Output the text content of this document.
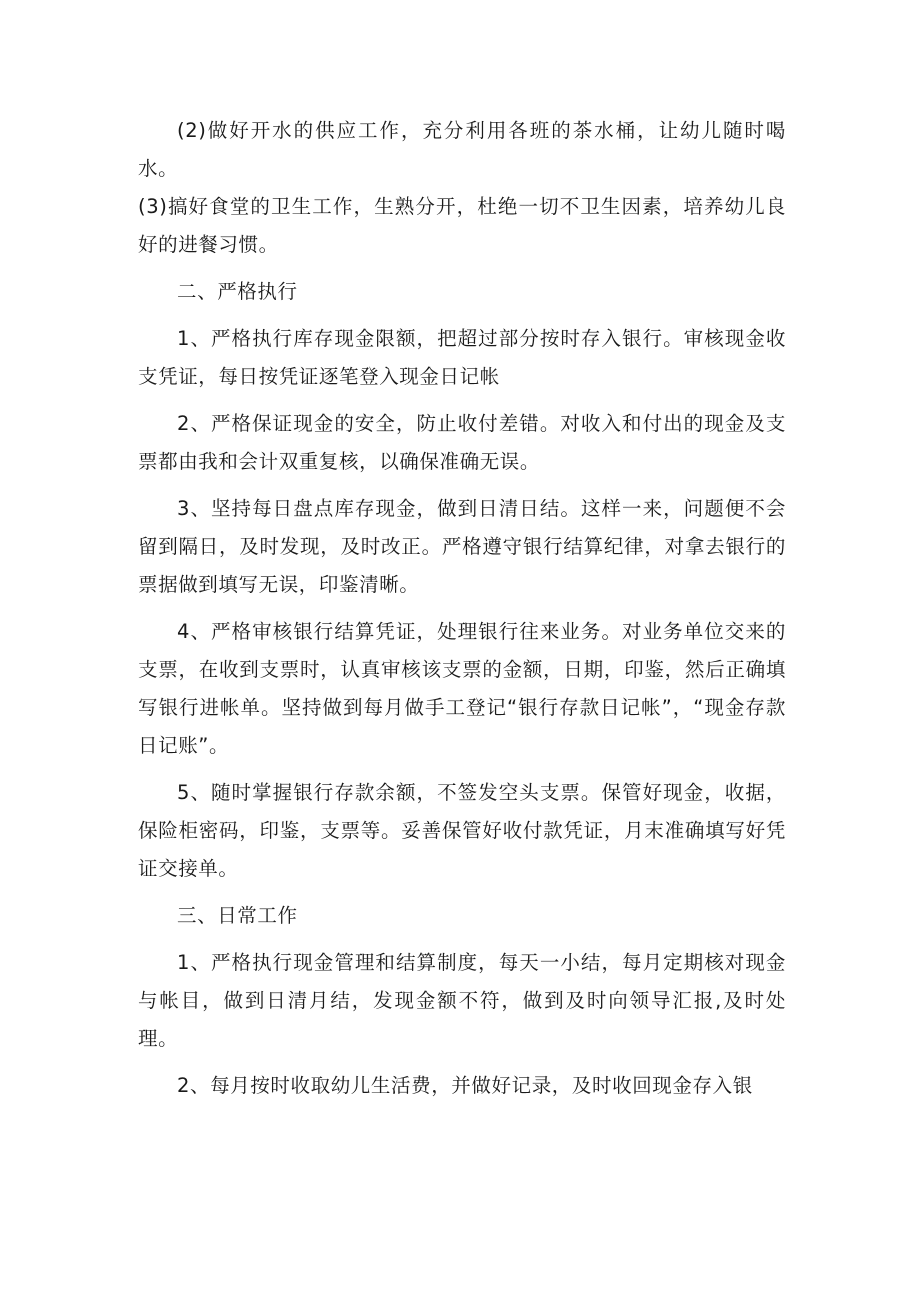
(2)做好开水的供应工作，充分利用各班的茶水桶，让幼儿随时喝水。

(3)搞好食堂的卫生工作，生熟分开，杜绝一切不卫生因素，培养幼儿良好的进餐习惯。

二、严格执行

1、严格执行库存现金限额，把超过部分按时存入银行。审核现金收支凭证，每日按凭证逐笔登入现金日记帐

2、严格保证现金的安全，防止收付差错。对收入和付出的现金及支票都由我和会计双重复核，以确保准确无误。

3、坚持每日盘点库存现金，做到日清日结。这样一来，问题便不会留到隔日，及时发现，及时改正。严格遵守银行结算纪律，对拿去银行的票据做到填写无误，印鉴清晰。

4、严格审核银行结算凭证，处理银行往来业务。对业务单位交来的支票，在收到支票时，认真审核该支票的金额，日期，印鉴，然后正确填写银行进帐单。坚持做到每月做手工登记“银行存款日记帐”，“现金存款日记账”。

5、随时掌握银行存款余额，不签发空头支票。保管好现金，收据，保险柜密码，印鉴，支票等。妥善保管好收付款凭证，月末准确填写好凭证交接单。

三、日常工作

1、严格执行现金管理和结算制度，每天一小结，每月定期核对现金与帐目，做到日清月结，发现金额不符，做到及时向领导汇报,及时处理。

2、每月按时收取幼儿生活费，并做好记录，及时收回现金存入银
